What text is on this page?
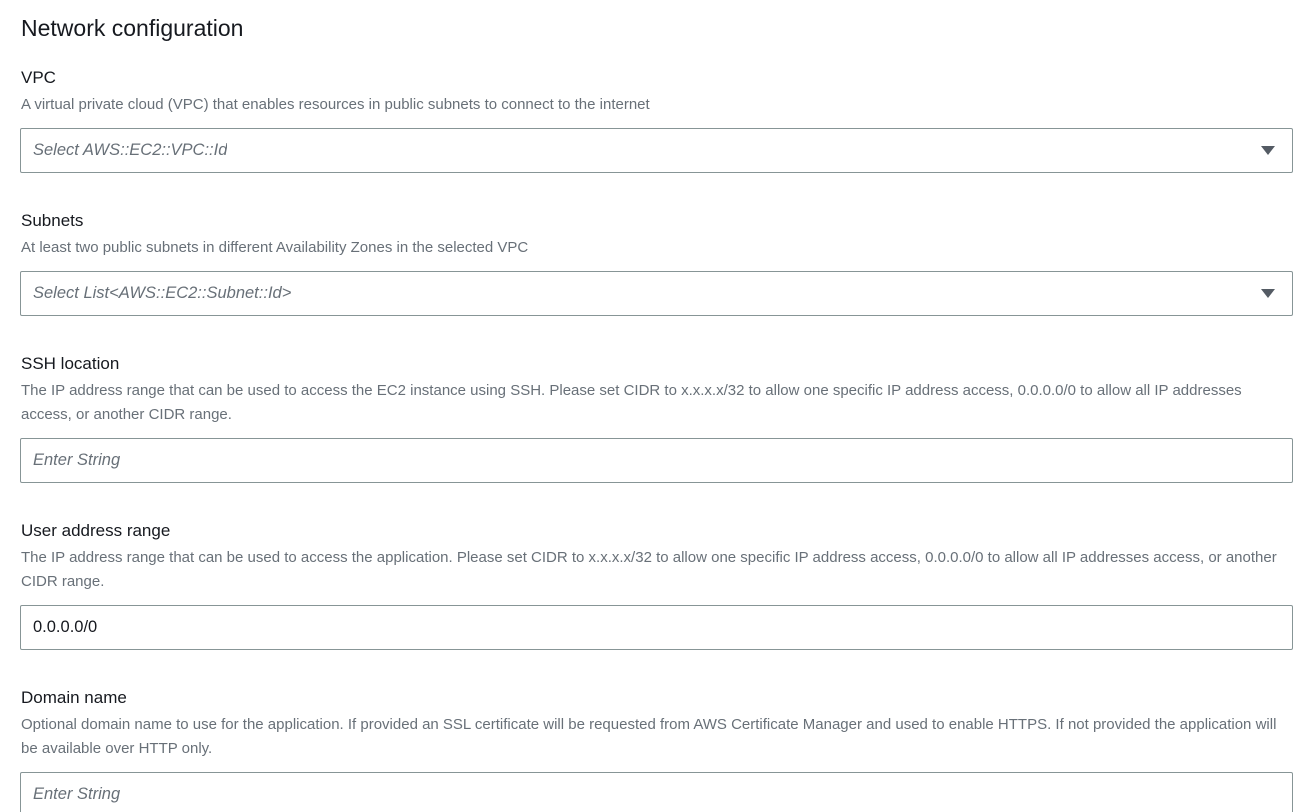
Network configuration
VPC
A virtual private cloud (VPC) that enables resources in public subnets to connect to the internet
Select AWS::EC2::VPC::Id
Subnets
At least two public subnets in different Availability Zones in the selected VPC
Select List<AWS::EC2::Subnet::Id>
SSH location
The IP address range that can be used to access the EC2 instance using SSH. Please set CIDR to x.x.x.x/32 to allow one specific IP address access, 0.0.0.0/0 to allow all IP addresses access, or another CIDR range.
Enter String
User address range
The IP address range that can be used to access the application. Please set CIDR to x.x.x.x/32 to allow one specific IP address access, 0.0.0.0/0 to allow all IP addresses access, or another CIDR range.
0.0.0.0/0
Domain name
Optional domain name to use for the application. If provided an SSL certificate will be requested from AWS Certificate Manager and used to enable HTTPS. If not provided the application will be available over HTTP only.
Enter String
